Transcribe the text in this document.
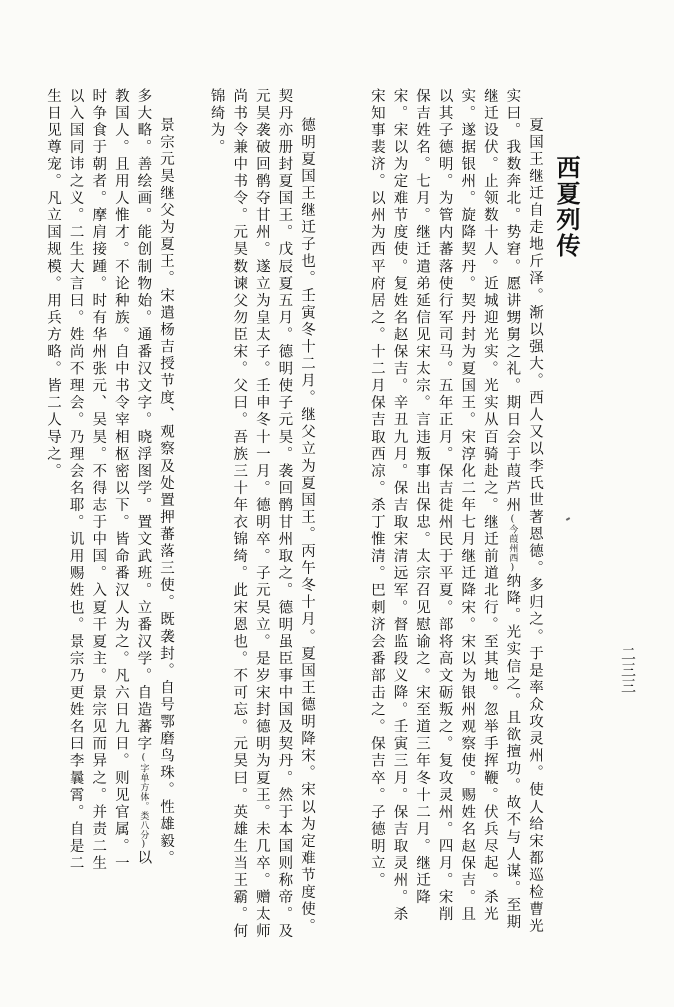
西夏列传
二三三
夏国王继迁自走地斤泽。渐以强大。西人又以李氏世著恩德。多归之。于是率众攻灵州。使人给宋都巡检曹光实曰。我数奔北。势窘。愿讲甥舅之礼。期日会于葭芦州(今葭州西)纳降。光实信之。且欲擅功。故不与人谋。至期继迁设伏。止领数十人。近城迎光实。光实从百骑赴之。继迁前道北行。至其地。忽举手挥鞭。伏兵尽起。杀光实。遂据银州。旋降契丹。契丹封为夏国王。宋淳化二年七月继迁降宋。宋以为银州观察使。赐姓名赵保吉。且以其子德明。为管内蕃落使行军司马。五年正月。保吉徙州民于平夏。部将高文砺叛之。复攻灵州。四月。宋削保吉姓名。七月。继迁遣弟延信见宋太宗。言违叛事出保忠。太宗召见慰谕之。宋至道三年冬十二月。继迁降宋。宋以为定难节度使。复姓名赵保吉。辛丑九月。保吉取宋清远军。督监段义降。壬寅三月。保吉取灵州。杀宋知事裴济。以州为西平府居之。十二月保吉取西凉。杀丁惟清。巴刺济会番部击之。保吉卒。子德明立。
德明夏国王继迁子也。壬寅冬十二月。继父立为夏国王。丙午冬十月。夏国王德明降宋。宋以为定难节度使。契丹亦册封夏国王。戊辰夏五月。德明使子元昊。袭回鹘甘州取之。德明虽臣事中国及契丹。然于本国则称帝。及元昊袭破回鹘夺甘州。遂立为皇太子。壬申冬十一月。德明卒。子元昊立。是岁宋封德明为夏王。未几卒。赠太师尚书令兼中书令。元昊数谏父勿臣宋。父曰。吾族三十年衣锦绮。此宋恩也。不可忘。元昊曰。英雄生当王霸。何锦绮为。
景宗元昊继父为夏王。宋遣杨吉授节度、观察及处置押蕃落三使。既袭封。自号鄂磨鸟珠。性雄毅。多大略。善绘画。能创制物始。通番汉文字。晓浮图学。置文武班。立番汉学。自造蕃字(字单方体。类八分)以教国人。且用人惟才。不论种族。自中书令宰相枢密以下。皆命番汉人为之。凡六日九日。则见官属。一时争食于朝者。摩肩接踵。时有华州张元、吴昊。不得志于中国。入夏干夏主。景宗见而异之。并责二生以入国同讳之义。二生大言曰。姓尚不理会。乃理会名耶。讥用赐姓也。景宗乃更姓名曰李曩霄。自是二生日见尊宠。凡立国规模。用兵方略。皆二人导之。
